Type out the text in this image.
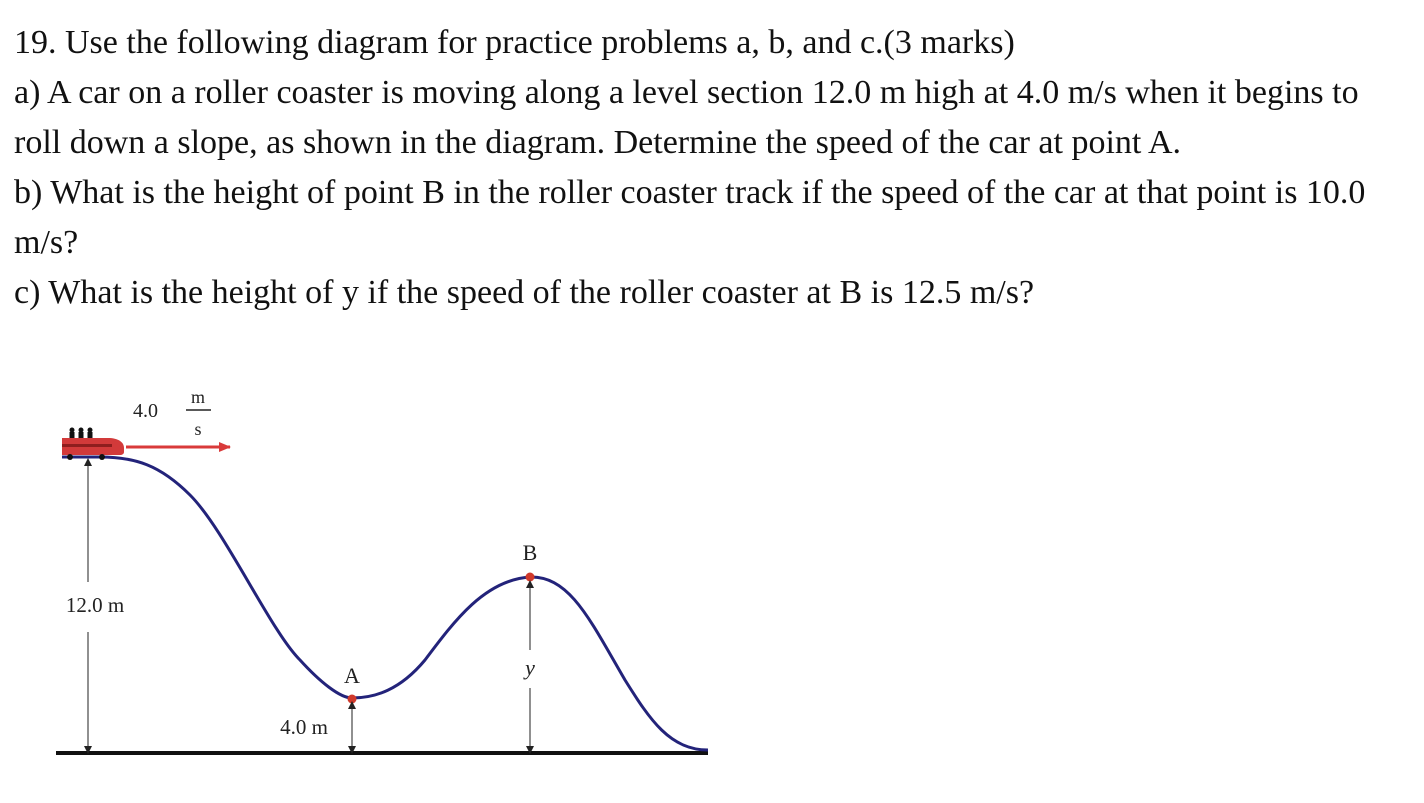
19. Use the following diagram for practice problems a, b, and c.(3 marks)

a) A car on a roller coaster is moving along a level section 12.0 m high at 4.0 m/s when it begins to roll down a slope, as shown in the diagram. Determine the speed of the car at point A.

b) What is the height of point B in the roller coaster track if the speed of the car at that point is 10.0 m/s?

c) What is the height of y if the speed of the roller coaster at B is 12.5 m/s?

4.0
m
s
12.0 m
A
4.0 m
B
y
